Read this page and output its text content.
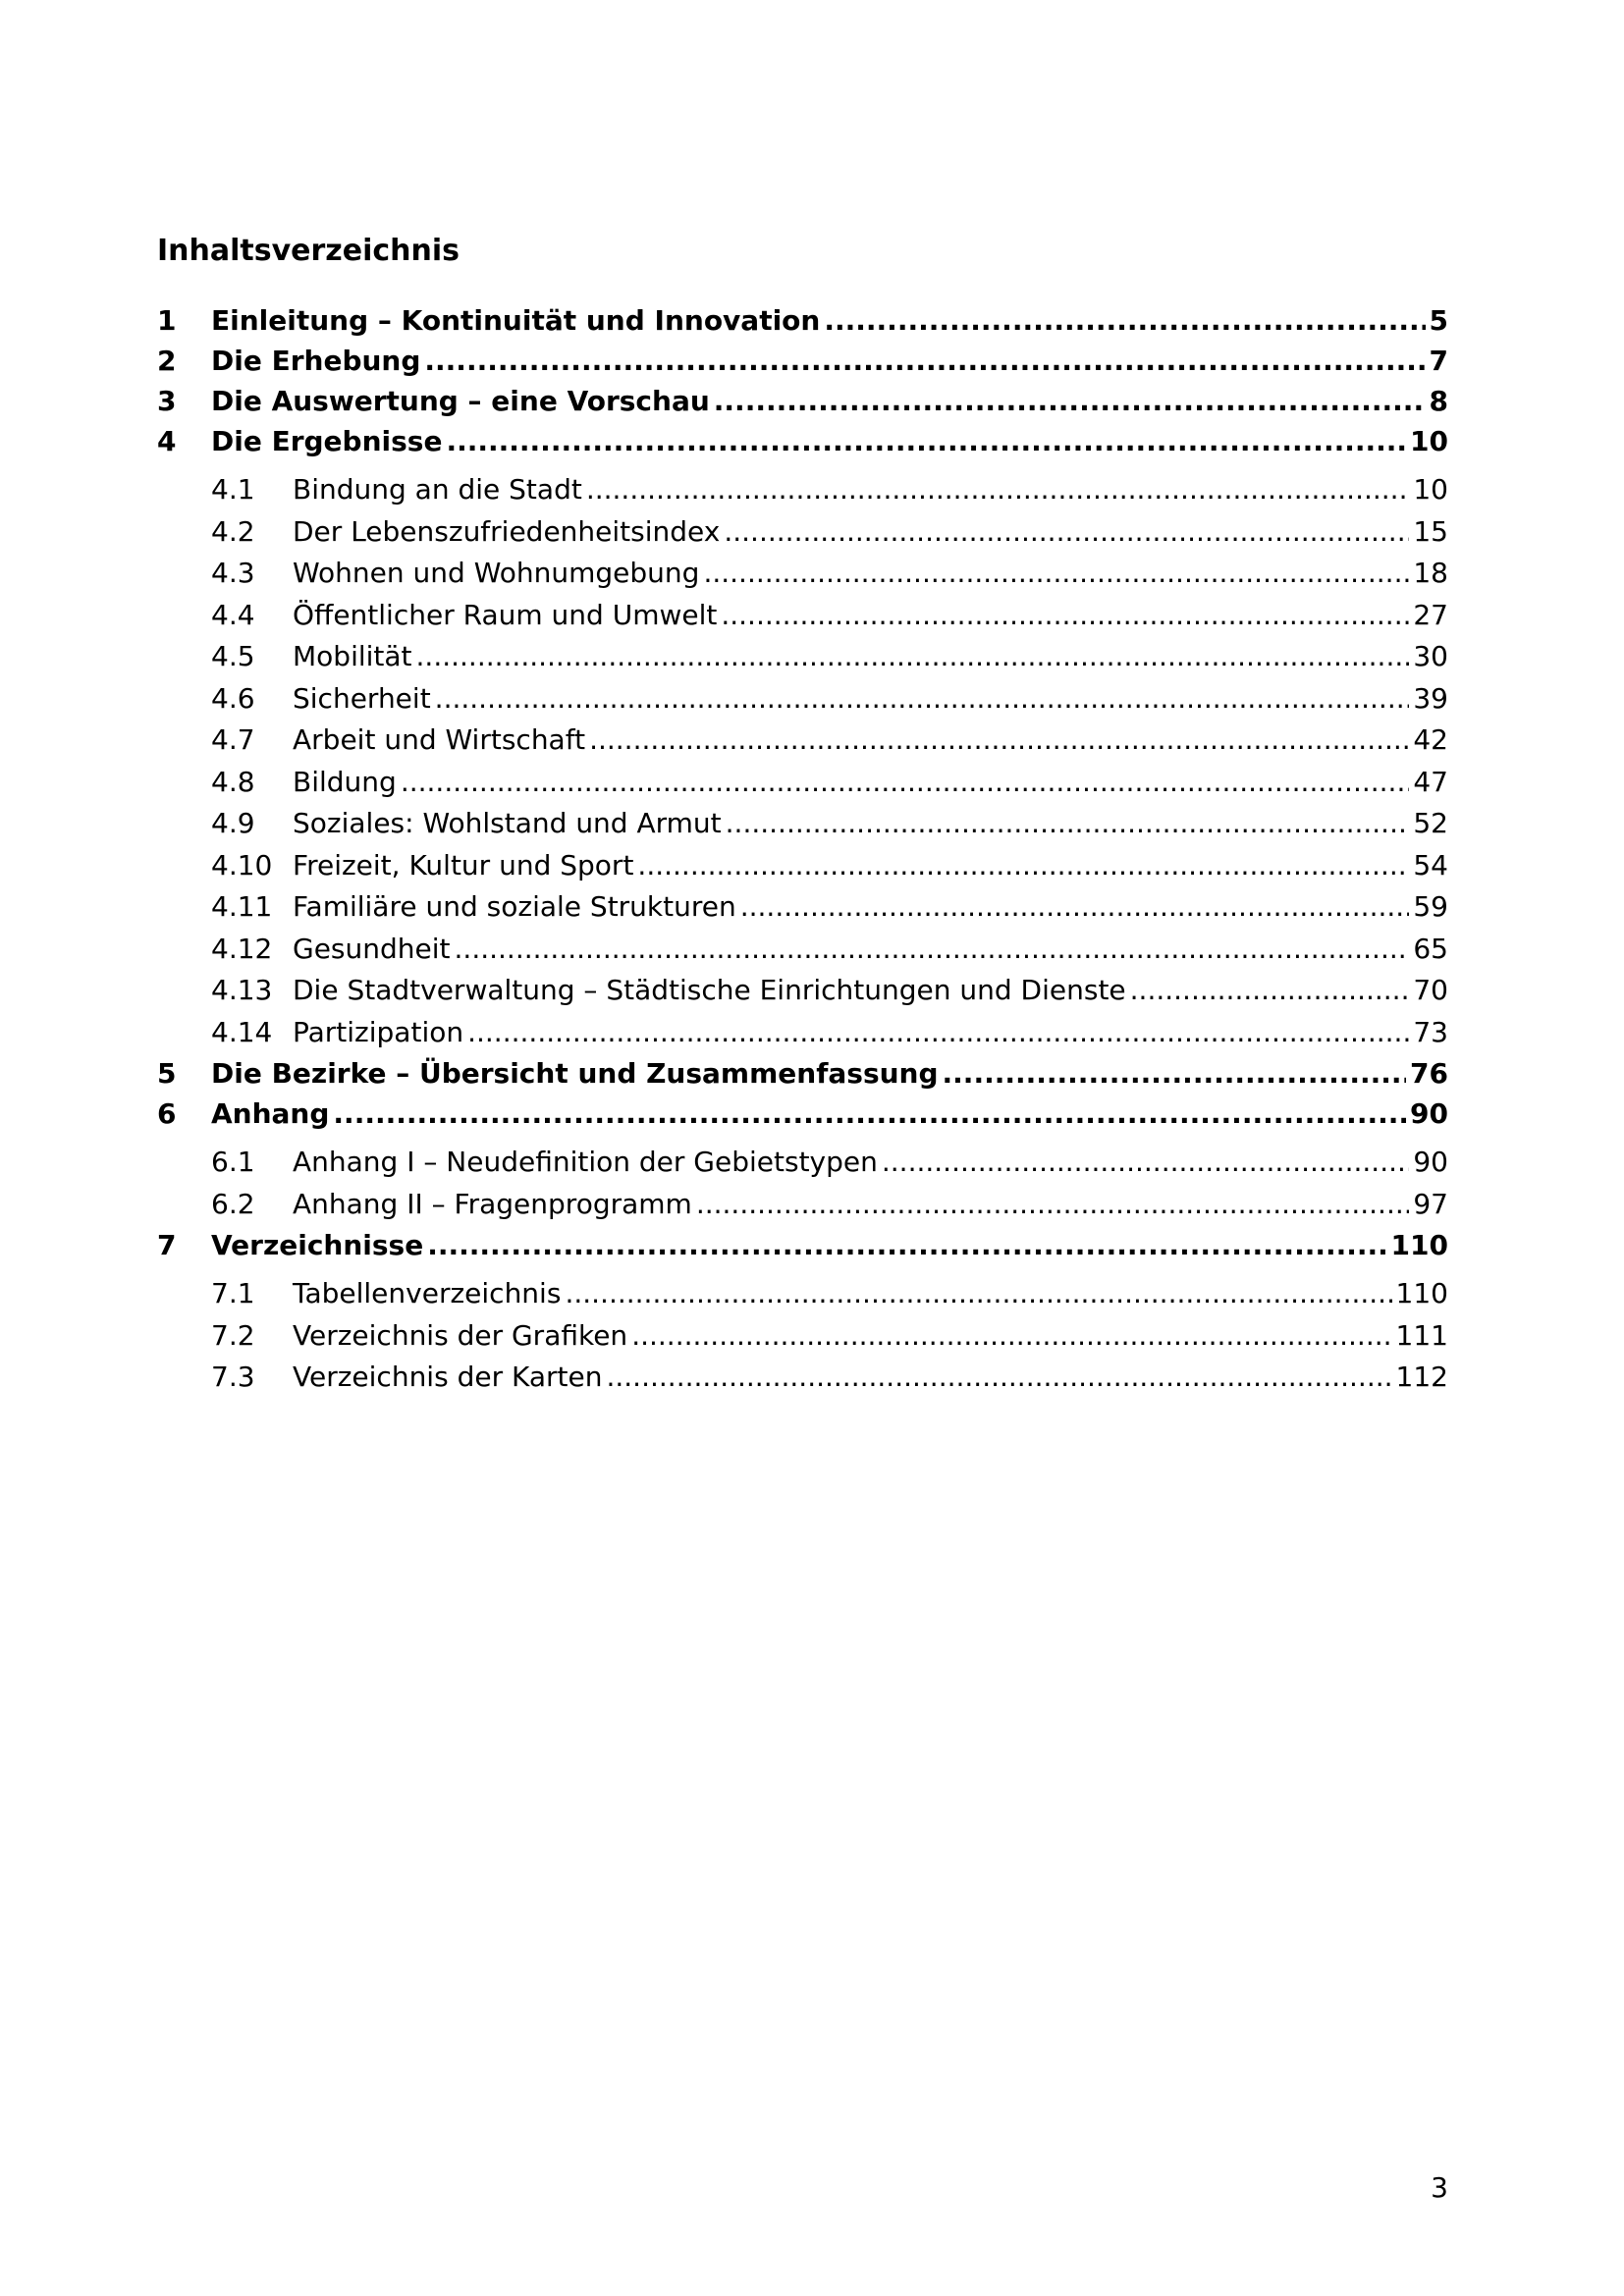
Inhaltsverzeichnis
1	Einleitung – Kontinuität und Innovation .....	5
2	Die Erhebung .....	7
3	Die Auswertung – eine Vorschau .....	8
4	Die Ergebnisse .....	10
4.1	Bindung an die Stadt .....	10
4.2	Der Lebenszufriedenheitsindex .....	15
4.3	Wohnen und Wohnumgebung .....	18
4.4	Öffentlicher Raum und Umwelt .....	27
4.5	Mobilität .....	30
4.6	Sicherheit .....	39
4.7	Arbeit und Wirtschaft .....	42
4.8	Bildung .....	47
4.9	Soziales: Wohlstand und Armut .....	52
4.10 Freizeit, Kultur und Sport .....	54
4.11 Familiäre und soziale Strukturen .....	59
4.12 Gesundheit .....	65
4.13 Die Stadtverwaltung – Städtische Einrichtungen und Dienste .....	70
4.14 Partizipation .....	73
5	Die Bezirke – Übersicht und Zusammenfassung .....	76
6	Anhang .....	90
6.1	Anhang I – Neudefinition der Gebietstypen .....	90
6.2	Anhang II – Fragenprogramm .....	97
7	Verzeichnisse .....	110
7.1	Tabellenverzeichnis .....	110
7.2	Verzeichnis der Grafiken .....	111
7.3	Verzeichnis der Karten .....	112
3
